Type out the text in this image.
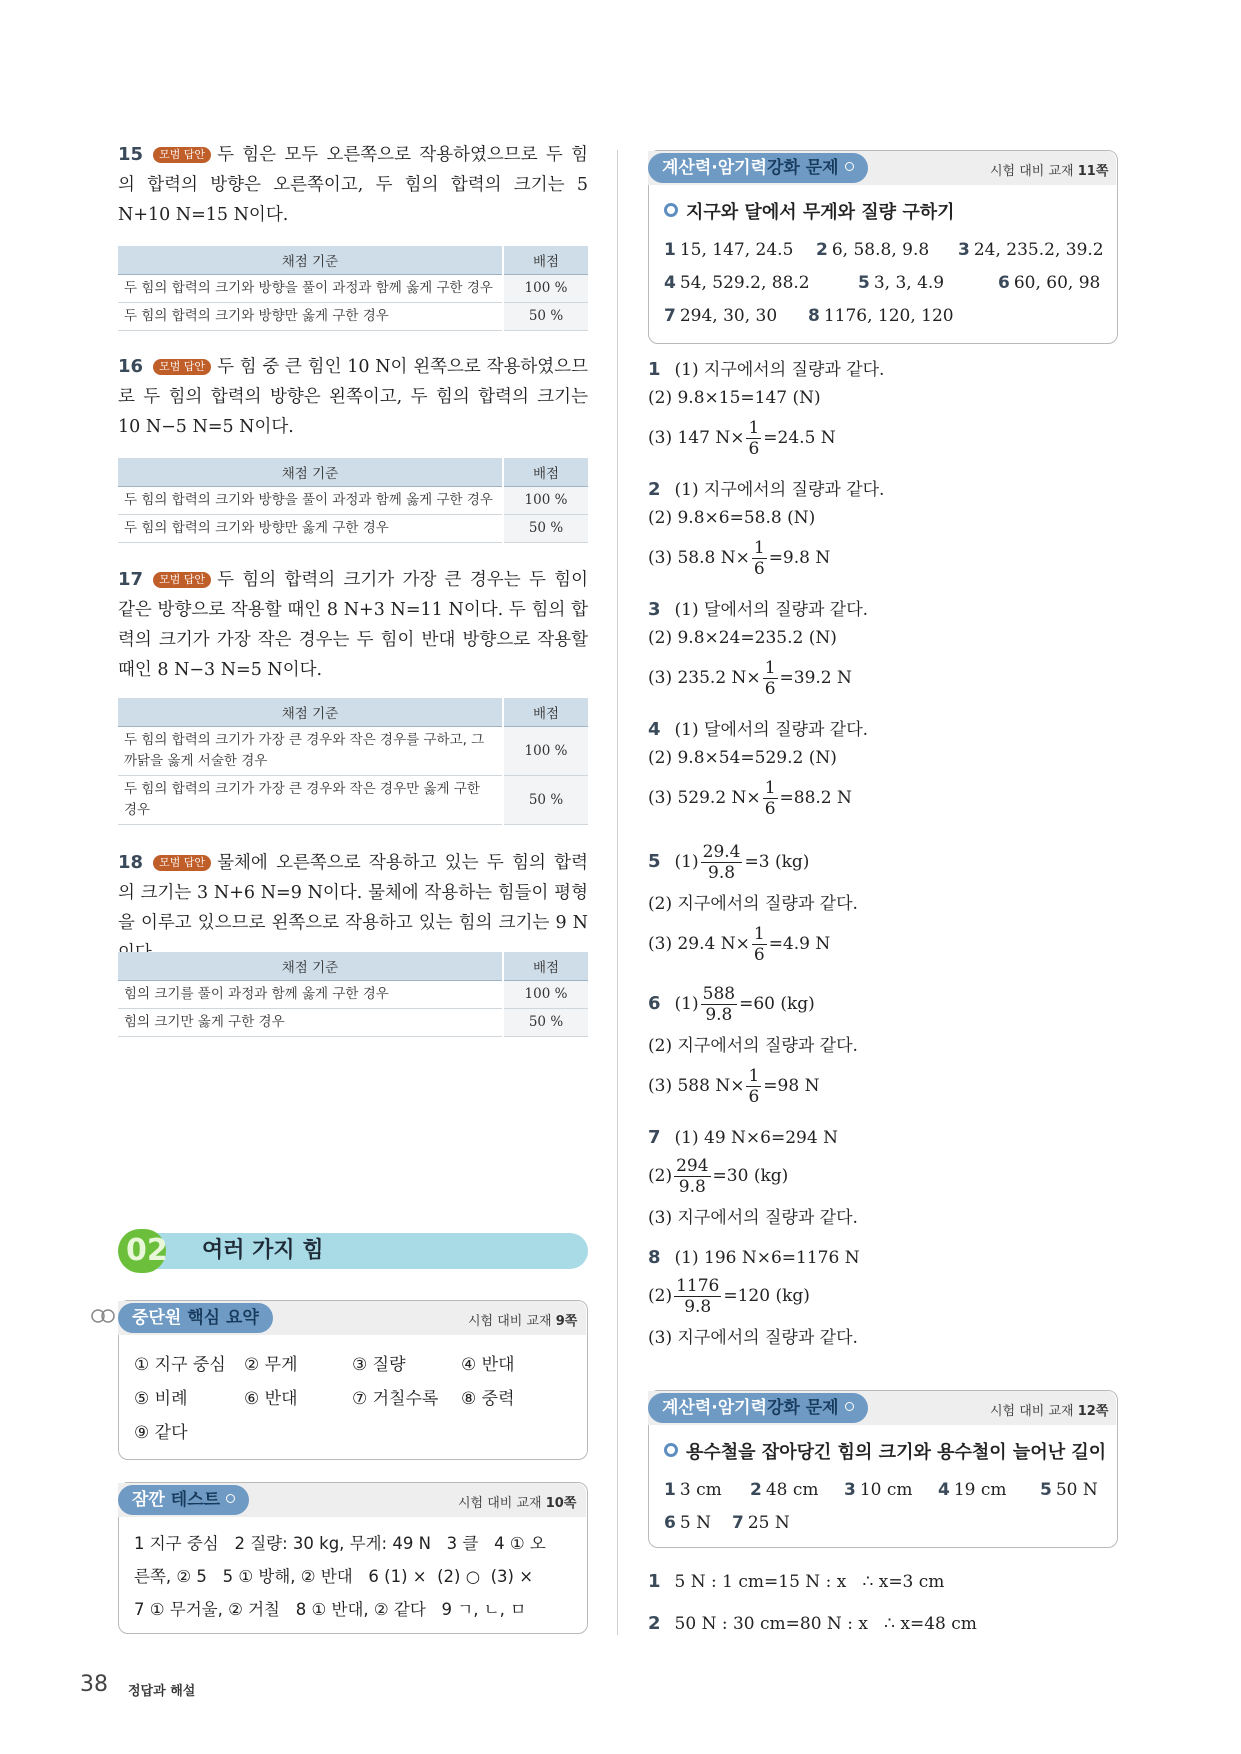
15 모범 답안 두 힘은 모두 오른쪽으로 작용하였으므로 두 힘의 합력의 방향은 오른쪽이고, 두 힘의 합력의 크기는 5 N+10 N=15 N이다.
채점 기준	배점
두 힘의 합력의 크기와 방향을 풀이 과정과 함께 옳게 구한 경우	100 %
두 힘의 합력의 크기와 방향만 옳게 구한 경우	50 %
16 모범 답안 두 힘 중 큰 힘인 10 N이 왼쪽으로 작용하였으므로 두 힘의 합력의 방향은 왼쪽이고, 두 힘의 합력의 크기는 10 N−5 N=5 N이다.
채점 기준	배점
두 힘의 합력의 크기와 방향을 풀이 과정과 함께 옳게 구한 경우	100 %
두 힘의 합력의 크기와 방향만 옳게 구한 경우	50 %
17 모범 답안 두 힘의 합력의 크기가 가장 큰 경우는 두 힘이 같은 방향으로 작용할 때인 8 N+3 N=11 N이다. 두 힘의 합력의 크기가 가장 작은 경우는 두 힘이 반대 방향으로 작용할 때인 8 N−3 N=5 N이다.
채점 기준	배점
두 힘의 합력의 크기가 가장 큰 경우와 작은 경우를 구하고, 그 까닭을 옳게 서술한 경우	100 %
두 힘의 합력의 크기가 가장 큰 경우와 작은 경우만 옳게 구한 경우	50 %
18 모범 답안 물체에 오른쪽으로 작용하고 있는 두 힘의 합력의 크기는 3 N+6 N=9 N이다. 물체에 작용하는 힘들이 평형을 이루고 있으므로 왼쪽으로 작용하고 있는 힘의 크기는 9 N
채점 기준	배점
힘의 크기를 풀이 과정과 함께 옳게 구한 경우	100 %
힘의 크기만 옳게 구한 경우	50 %
02 여러 가지 힘
중단원 핵심 요약	시험 대비 교재 9쪽
① 지구 중심 ② 무게	③ 질량	④ 반대
⑤ 비례	⑥ 반대	⑦ 거칠수록 ⑧ 중력
⑨ 같다
잠깐 테스트	시험 대비 교재 10쪽
1 지구 중심   2 질량: 30 kg, 무게: 49 N   3 클   4 ① 오
른쪽, ② 5   5 ① 방해, ② 반대   6 (1) ×  (2) ○  (3) ×
7 ① 무거울, ② 거칠   8 ① 반대, ② 같다   9 ㄱ, ㄴ, ㅁ
계산력·암기력강화 문제	시험 대비 교재 11쪽
지구와 달에서 무게와 질량 구하기
1 15, 147, 24.5 2 6, 58.8, 9.8 3 24, 235.2, 39.2
4 54, 529.2, 88.2	5 3, 3, 4.9	6 60, 60, 98
7 294, 30, 30 8 1176, 120, 120
1 (1) 지구에서의 질량과 같다.
(2) 9.8×15=147 (N)
(3) 147 $N\times \frac{1}{6} =24.5$ N
2 (1) 지구에서의 질량과 같다.
(2) 9.8×6=58.8 (N)
(3) 58.8 $N\times \frac{1}{6} =9.8$ N
3 (1) 달에서의 질량과 같다.
(2) 9.8×24=235.2 (N)
(3) 235.2 $N\times \frac{1}{6} =39.2$ N
4 (1) 달에서의 질량과 같다.
(2) 9.8×54=529.2 (N)
(3) 529.2 $N\times \frac{1}{6} =88.2$ N
5 $(1) \frac{29.4}{9.8} =3$ (kg)
(2) 지구에서의 질량과 같다.
(3) 29.4 $N\times \frac{1}{6} =4.9$ N
6 $(1) \frac{588}{9.8} =60$ (kg)
(2) 지구에서의 질량과 같다.
(3) 588 $N\times \frac{1}{6} =98$ N
7 (1) 49 N×6=294 N
$(2) \frac{294}{9.8} =30$ (kg)
(3) 지구에서의 질량과 같다.
8 (1) 196 N×6=1176 N
$(2) \frac{1176}{9.8} =120$ (kg)
(3) 지구에서의 질량과 같다.
계산력·암기력강화 문제	시험 대비 교재 12쪽
용수철을 잡아당긴 힘의 크기와 용수철이 늘어난 길이
1 3 cm 2 48 cm 3 10 cm 4 19 cm 5 50 N
6 5 N 7 25 N
1 5 N : 1 cm=15 N : x   ∴ x=3 cm
2 50 N : 30 cm=80 N : x   ∴ x=48 cm
38 정답과 해설
